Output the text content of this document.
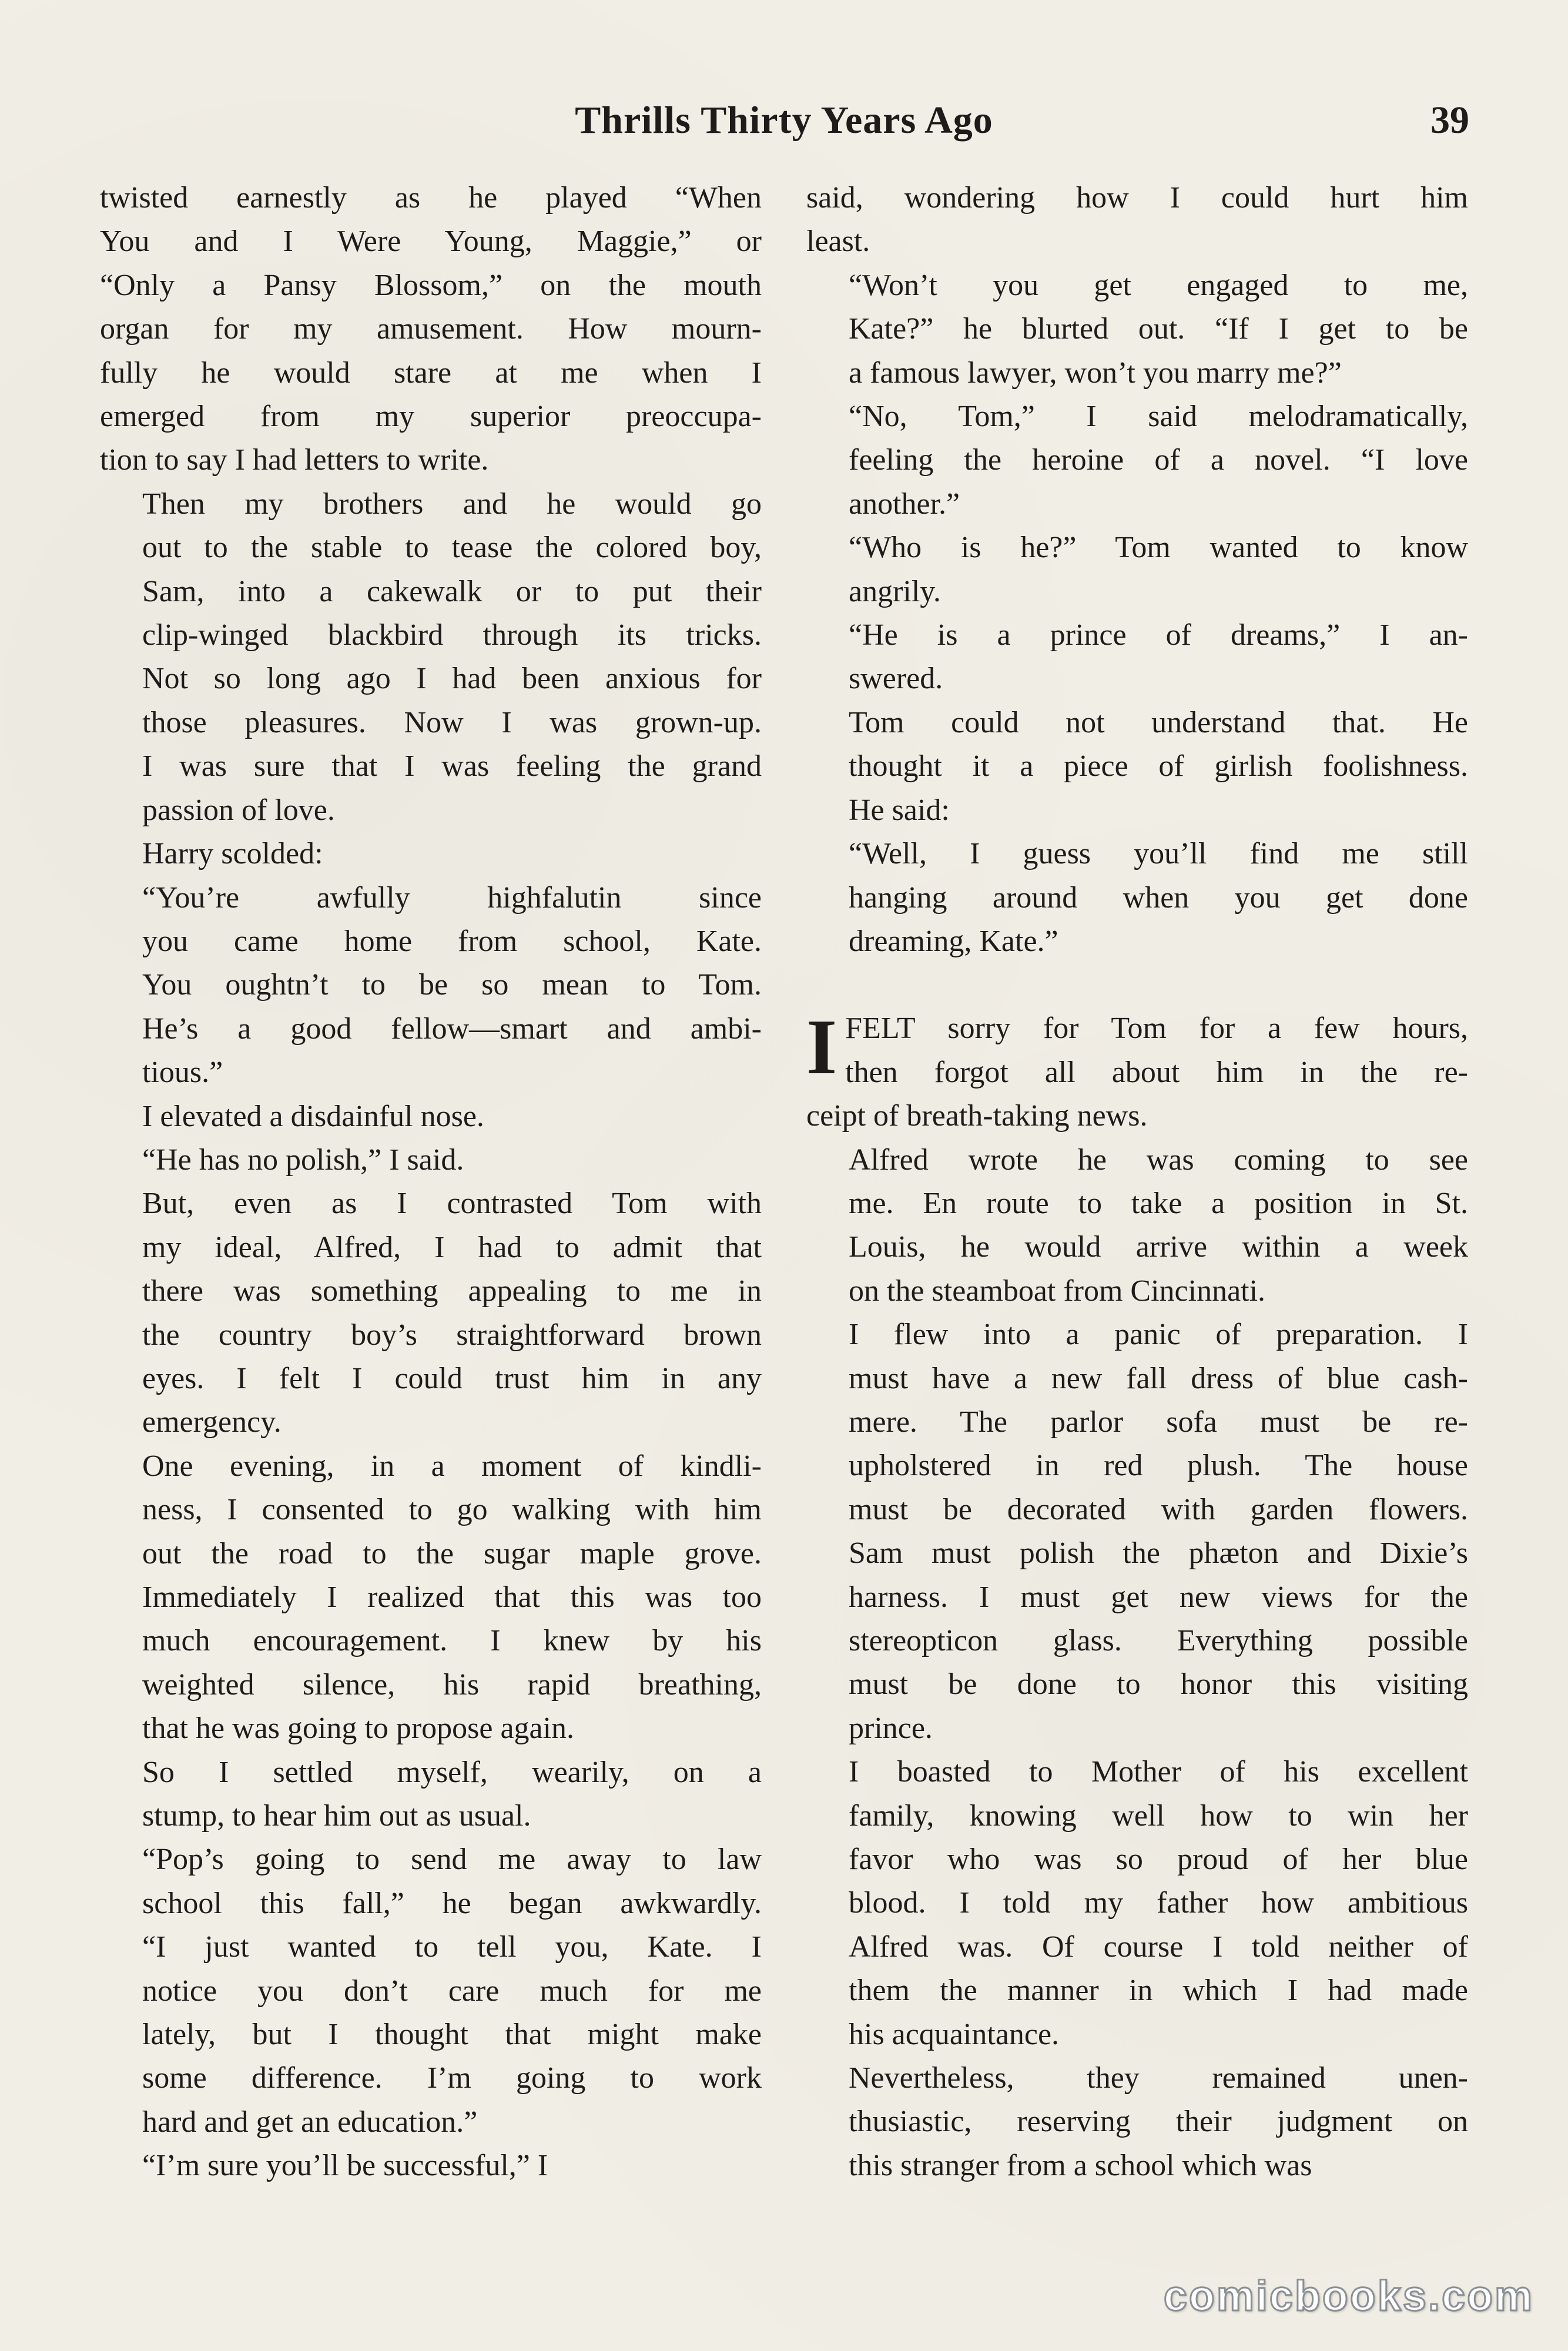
Thrills Thirty Years Ago	39

twisted earnestly as he played “When
You and I Were Young, Maggie,” or
“Only a Pansy Blossom,” on the mouth
organ for my amusement. How mourn-
fully he would stare at me when I
emerged from my superior preoccupa-
tion to say I had letters to write.

Then my brothers and he would go
out to the stable to tease the colored boy,
Sam, into a cakewalk or to put their
clip-winged blackbird through its tricks.
Not so long ago I had been anxious for
those pleasures. Now I was grown-up.
I was sure that I was feeling the grand
passion of love.

Harry scolded:

“You’re awfully highfalutin since
you came home from school, Kate.
You oughtn’t to be so mean to Tom.
He’s a good fellow—smart and ambi-
tious.”

I elevated a disdainful nose.

“He has no polish,” I said.

But, even as I contrasted Tom with
my ideal, Alfred, I had to admit that
there was something appealing to me in
the country boy’s straightforward brown
eyes. I felt I could trust him in any
emergency.

One evening, in a moment of kindli-
ness, I consented to go walking with him
out the road to the sugar maple grove.
Immediately I realized that this was too
much encouragement. I knew by his
weighted silence, his rapid breathing,
that he was going to propose again.

So I settled myself, wearily, on a
stump, to hear him out as usual.

“Pop’s going to send me away to law
school this fall,” he began awkwardly.
“I just wanted to tell you, Kate. I
notice you don’t care much for me
lately, but I thought that might make
some difference. I’m going to work
hard and get an education.”

“I’m sure you’ll be successful,” I

said, wondering how I could hurt him
least.

“Won’t you get engaged to me,
Kate?” he blurted out. “If I get to be
a famous lawyer, won’t you marry me?”

“No, Tom,” I said melodramatically,
feeling the heroine of a novel. “I love
another.”

“Who is he?” Tom wanted to know
angrily.

“He is a prince of dreams,” I an-
swered.

Tom could not understand that. He
thought it a piece of girlish foolishness.
He said:

“Well, I guess you’ll find me still
hanging around when you get done
dreaming, Kate.”

I FELT sorry for Tom for a few hours,
then forgot all about him in the re-
ceipt of breath-taking news.

Alfred wrote he was coming to see
me. En route to take a position in St.
Louis, he would arrive within a week
on the steamboat from Cincinnati.

I flew into a panic of preparation. I
must have a new fall dress of blue cash-
mere. The parlor sofa must be re-
upholstered in red plush. The house
must be decorated with garden flowers.
Sam must polish the phæton and Dixie’s
harness. I must get new views for the
stereopticon glass. Everything possible
must be done to honor this visiting
prince.

I boasted to Mother of his excellent
family, knowing well how to win her
favor who was so proud of her blue
blood. I told my father how ambitious
Alfred was. Of course I told neither of
them the manner in which I had made
his acquaintance.

Nevertheless, they remained unen-
thusiastic, reserving their judgment on
this stranger from a school which was

comicbooks.com
